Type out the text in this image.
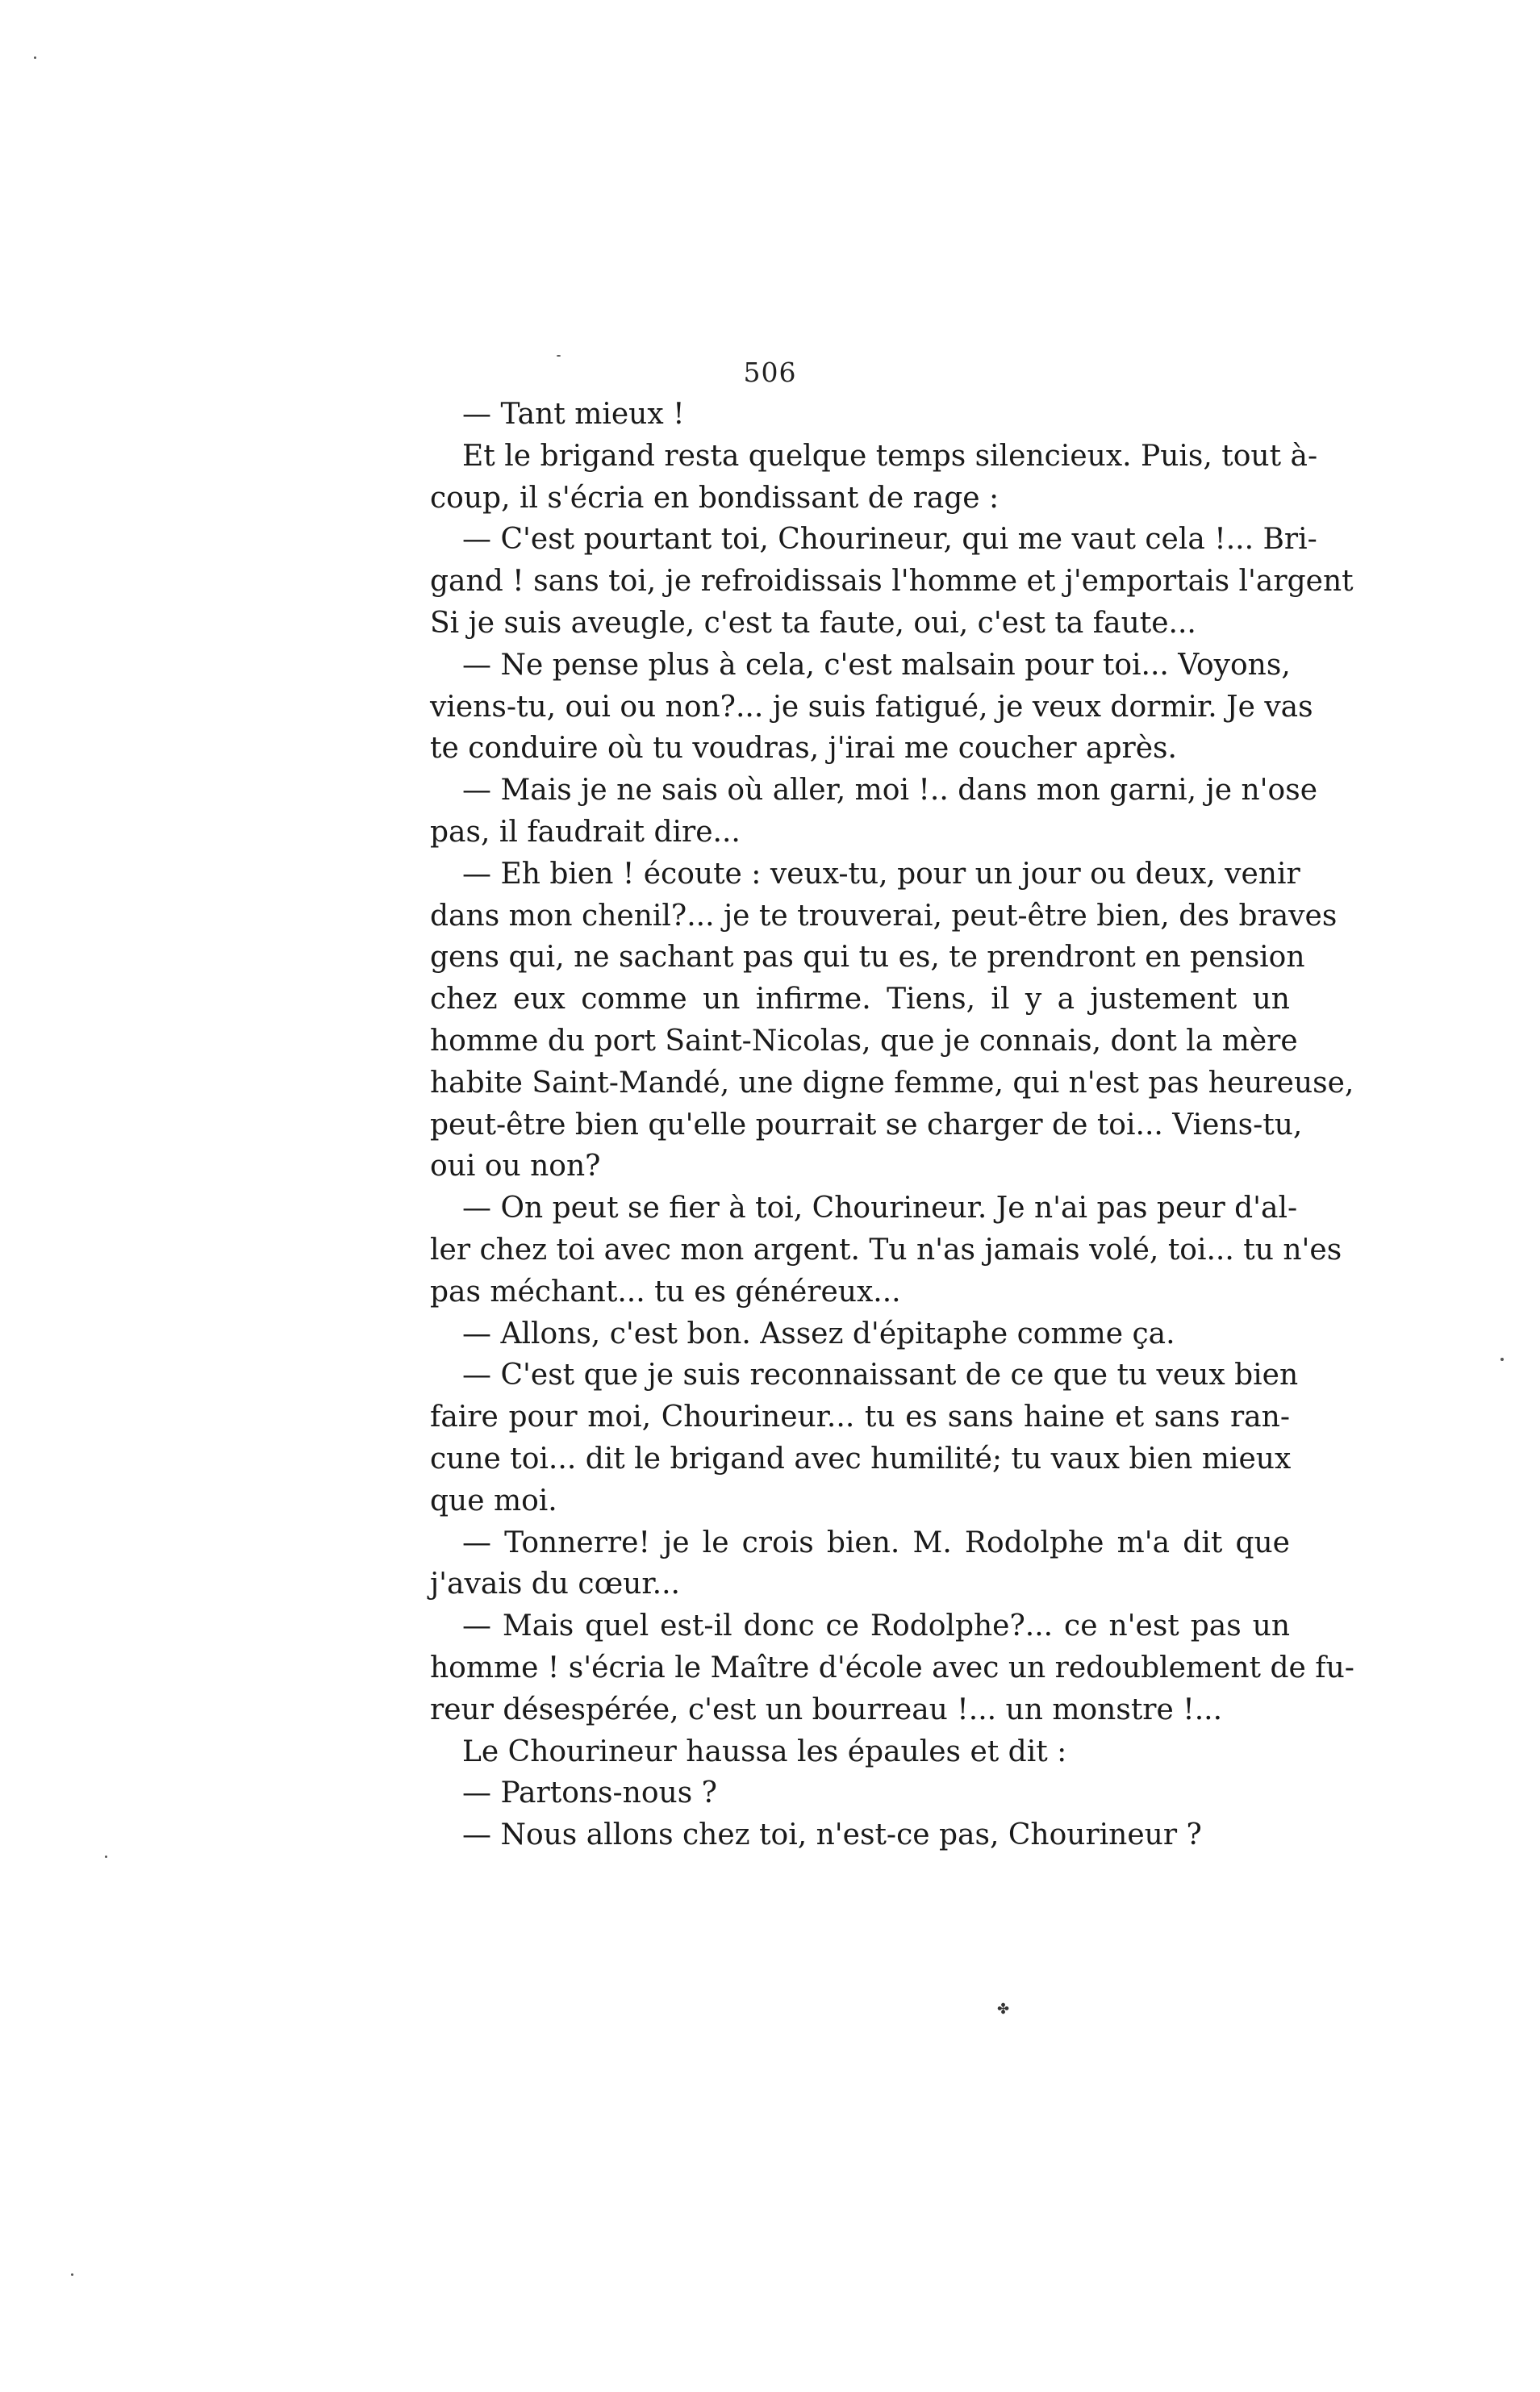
506
— Tant mieux !
Et le brigand resta quelque temps silencieux. Puis, tout à-
coup, il s'écria en bondissant de rage :
— C'est pourtant toi, Chourineur, qui me vaut cela !... Bri-
gand ! sans toi, je refroidissais l'homme et j'emportais l'argent
Si je suis aveugle, c'est ta faute, oui, c'est ta faute...
— Ne pense plus à cela, c'est malsain pour toi... Voyons,
viens-tu, oui ou non?... je suis fatigué, je veux dormir. Je vas
te conduire où tu voudras, j'irai me coucher après.
— Mais je ne sais où aller, moi !.. dans mon garni, je n'ose
pas, il faudrait dire...
— Eh bien ! écoute : veux-tu, pour un jour ou deux, venir
dans mon chenil?... je te trouverai, peut-être bien, des braves
gens qui, ne sachant pas qui tu es, te prendront en pension
chez eux comme un infirme. Tiens, il y a justement un
homme du port Saint-Nicolas, que je connais, dont la mère
habite Saint-Mandé, une digne femme, qui n'est pas heureuse,
peut-être bien qu'elle pourrait se charger de toi... Viens-tu,
oui ou non?
— On peut se fier à toi, Chourineur. Je n'ai pas peur d'al-
ler chez toi avec mon argent. Tu n'as jamais volé, toi... tu n'es
pas méchant... tu es généreux...
— Allons, c'est bon. Assez d'épitaphe comme ça.
— C'est que je suis reconnaissant de ce que tu veux bien
faire pour moi, Chourineur... tu es sans haine et sans ran-
cune toi... dit le brigand avec humilité; tu vaux bien mieux
que moi.
— Tonnerre! je le crois bien. M. Rodolphe m'a dit que
j'avais du cœur...
— Mais quel est-il donc ce Rodolphe?... ce n'est pas un
homme ! s'écria le Maître d'école avec un redoublement de fu-
reur désespérée, c'est un bourreau !... un monstre !...
Le Chourineur haussa les épaules et dit :
— Partons-nous ?
— Nous allons chez toi, n'est-ce pas, Chourineur ?
✤
